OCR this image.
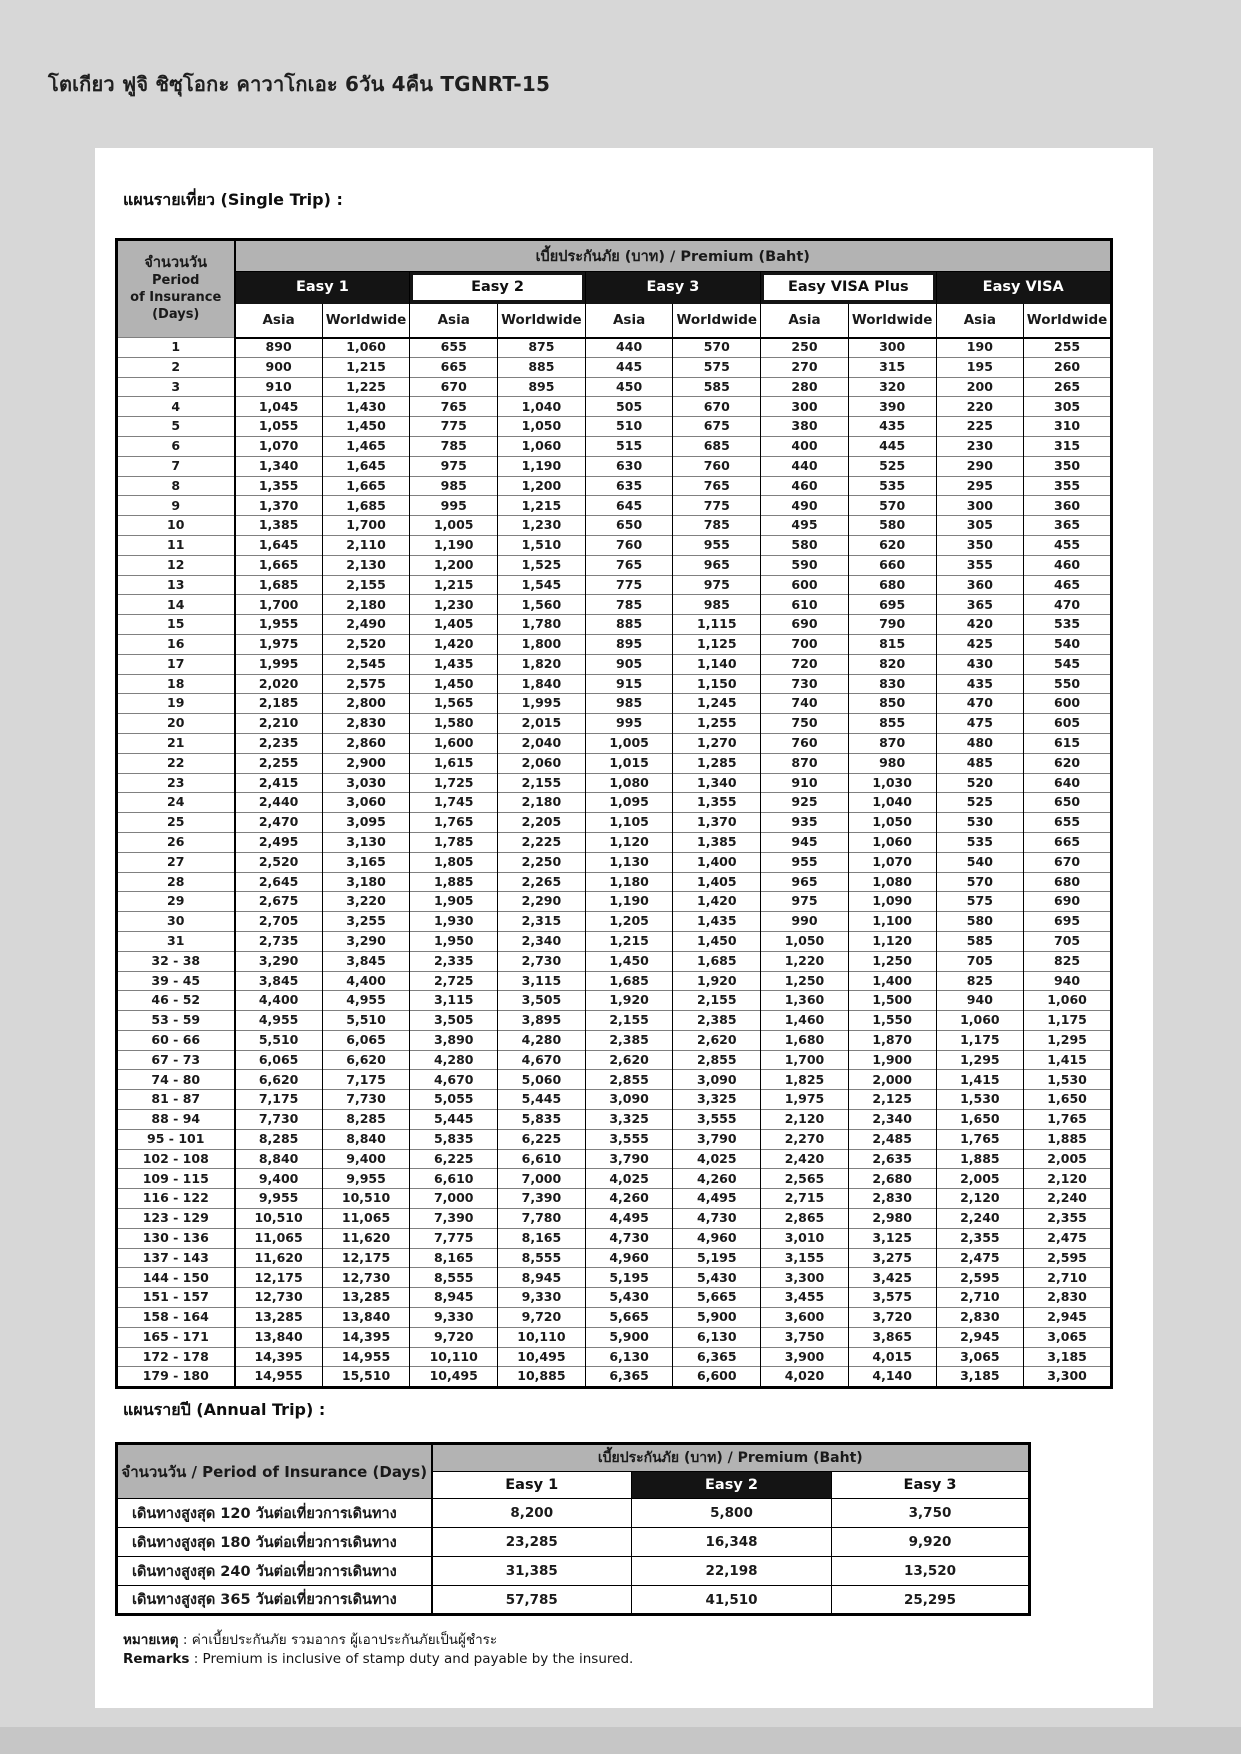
โตเกียว ฟูจิ ชิซุโอกะ คาวาโกเอะ 6วัน 4คืน TGNRT-15
แผนรายเที่ยว (Single Trip) :
จำนวนวัน
Period
of Insurance
(Days)	เบี้ยประกันภัย (บาท) / Premium (Baht)									

	Easy 1		Easy 2		Easy 3		Easy VISA Plus		Easy VISA	

	Asia	Worldwide	Asia	Worldwide	Asia	Worldwide	Asia	Worldwide	Asia	Worldwide
1	890	1,060	655	875	440	570	250	300	190	255
2	900	1,215	665	885	445	575	270	315	195	260
3	910	1,225	670	895	450	585	280	320	200	265
4	1,045	1,430	765	1,040	505	670	300	390	220	305
5	1,055	1,450	775	1,050	510	675	380	435	225	310
6	1,070	1,465	785	1,060	515	685	400	445	230	315
7	1,340	1,645	975	1,190	630	760	440	525	290	350
8	1,355	1,665	985	1,200	635	765	460	535	295	355
9	1,370	1,685	995	1,215	645	775	490	570	300	360
10	1,385	1,700	1,005	1,230	650	785	495	580	305	365
11	1,645	2,110	1,190	1,510	760	955	580	620	350	455
12	1,665	2,130	1,200	1,525	765	965	590	660	355	460
13	1,685	2,155	1,215	1,545	775	975	600	680	360	465
14	1,700	2,180	1,230	1,560	785	985	610	695	365	470
15	1,955	2,490	1,405	1,780	885	1,115	690	790	420	535
16	1,975	2,520	1,420	1,800	895	1,125	700	815	425	540
17	1,995	2,545	1,435	1,820	905	1,140	720	820	430	545
18	2,020	2,575	1,450	1,840	915	1,150	730	830	435	550
19	2,185	2,800	1,565	1,995	985	1,245	740	850	470	600
20	2,210	2,830	1,580	2,015	995	1,255	750	855	475	605
21	2,235	2,860	1,600	2,040	1,005	1,270	760	870	480	615
22	2,255	2,900	1,615	2,060	1,015	1,285	870	980	485	620
23	2,415	3,030	1,725	2,155	1,080	1,340	910	1,030	520	640
24	2,440	3,060	1,745	2,180	1,095	1,355	925	1,040	525	650
25	2,470	3,095	1,765	2,205	1,105	1,370	935	1,050	530	655
26	2,495	3,130	1,785	2,225	1,120	1,385	945	1,060	535	665
27	2,520	3,165	1,805	2,250	1,130	1,400	955	1,070	540	670
28	2,645	3,180	1,885	2,265	1,180	1,405	965	1,080	570	680
29	2,675	3,220	1,905	2,290	1,190	1,420	975	1,090	575	690
30	2,705	3,255	1,930	2,315	1,205	1,435	990	1,100	580	695
31	2,735	3,290	1,950	2,340	1,215	1,450	1,050	1,120	585	705
32 - 38	3,290	3,845	2,335	2,730	1,450	1,685	1,220	1,250	705	825
39 - 45	3,845	4,400	2,725	3,115	1,685	1,920	1,250	1,400	825	940
46 - 52	4,400	4,955	3,115	3,505	1,920	2,155	1,360	1,500	940	1,060
53 - 59	4,955	5,510	3,505	3,895	2,155	2,385	1,460	1,550	1,060	1,175
60 - 66	5,510	6,065	3,890	4,280	2,385	2,620	1,680	1,870	1,175	1,295
67 - 73	6,065	6,620	4,280	4,670	2,620	2,855	1,700	1,900	1,295	1,415
74 - 80	6,620	7,175	4,670	5,060	2,855	3,090	1,825	2,000	1,415	1,530
81 - 87	7,175	7,730	5,055	5,445	3,090	3,325	1,975	2,125	1,530	1,650
88 - 94	7,730	8,285	5,445	5,835	3,325	3,555	2,120	2,340	1,650	1,765
95 - 101	8,285	8,840	5,835	6,225	3,555	3,790	2,270	2,485	1,765	1,885
102 - 108	8,840	9,400	6,225	6,610	3,790	4,025	2,420	2,635	1,885	2,005
109 - 115	9,400	9,955	6,610	7,000	4,025	4,260	2,565	2,680	2,005	2,120
116 - 122	9,955	10,510	7,000	7,390	4,260	4,495	2,715	2,830	2,120	2,240
123 - 129	10,510	11,065	7,390	7,780	4,495	4,730	2,865	2,980	2,240	2,355
130 - 136	11,065	11,620	7,775	8,165	4,730	4,960	3,010	3,125	2,355	2,475
137 - 143	11,620	12,175	8,165	8,555	4,960	5,195	3,155	3,275	2,475	2,595
144 - 150	12,175	12,730	8,555	8,945	5,195	5,430	3,300	3,425	2,595	2,710
151 - 157	12,730	13,285	8,945	9,330	5,430	5,665	3,455	3,575	2,710	2,830
158 - 164	13,285	13,840	9,330	9,720	5,665	5,900	3,600	3,720	2,830	2,945
165 - 171	13,840	14,395	9,720	10,110	5,900	6,130	3,750	3,865	2,945	3,065
172 - 178	14,395	14,955	10,110	10,495	6,130	6,365	3,900	4,015	3,065	3,185
179 - 180	14,955	15,510	10,495	10,885	6,365	6,600	4,020	4,140	3,185	3,300
แผนรายปี (Annual Trip) :
จำนวนวัน / Period of Insurance (Days)	เบี้ยประกันภัย (บาท) / Premium (Baht)		
	Easy 1	Easy 2	Easy 3
เดินทางสูงสุด 120 วันต่อเที่ยวการเดินทาง	8,200	5,800	3,750
เดินทางสูงสุด 180 วันต่อเที่ยวการเดินทาง	23,285	16,348	9,920
เดินทางสูงสุด 240 วันต่อเที่ยวการเดินทาง	31,385	22,198	13,520
เดินทางสูงสุด 365 วันต่อเที่ยวการเดินทาง	57,785	41,510	25,295
หมายเหตุ : ค่าเบี้ยประกันภัย รวมอากร ผู้เอาประกันภัยเป็นผู้ชำระ
Remarks : Premium is inclusive of stamp duty and payable by the insured.
